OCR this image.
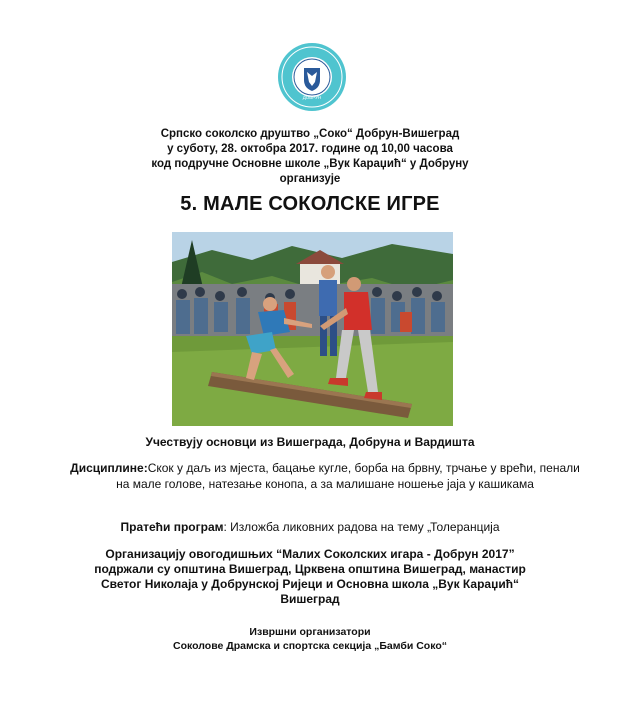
ДОБРУН
Српско соколско друштво „Соко“ Добрун-Вишеград
у суботу, 28. октобра 2017. године од 10,00 часова
код подручне Основне школе „Вук Караџић“ у Добруну
организује
5. МАЛЕ СОКОЛСКЕ ИГРЕ
Учествују основци из Вишеграда, Добруна и Вардишта
Дисциплине:Скок у даљ из мјеста, бацање кугле, борба на брвну, трчање у врећи, пенали на мале голове, натезање конопа, а за малишане ношење јаја у кашикама
Пратећи програм: Изложба ликовних радова на тему „Толеранција
Организацију овогодишњих “Малих Соколских игара - Добрун 2017”
подржали су општина Вишеград, Црквена општина Вишеград, манастир
Светог Николаја у Добрунској Ријеци и Основна школа „Вук Караџић“
Вишеград
Извршни организатори
Соколове Драмска и спортска секција „Бамби Соко“
